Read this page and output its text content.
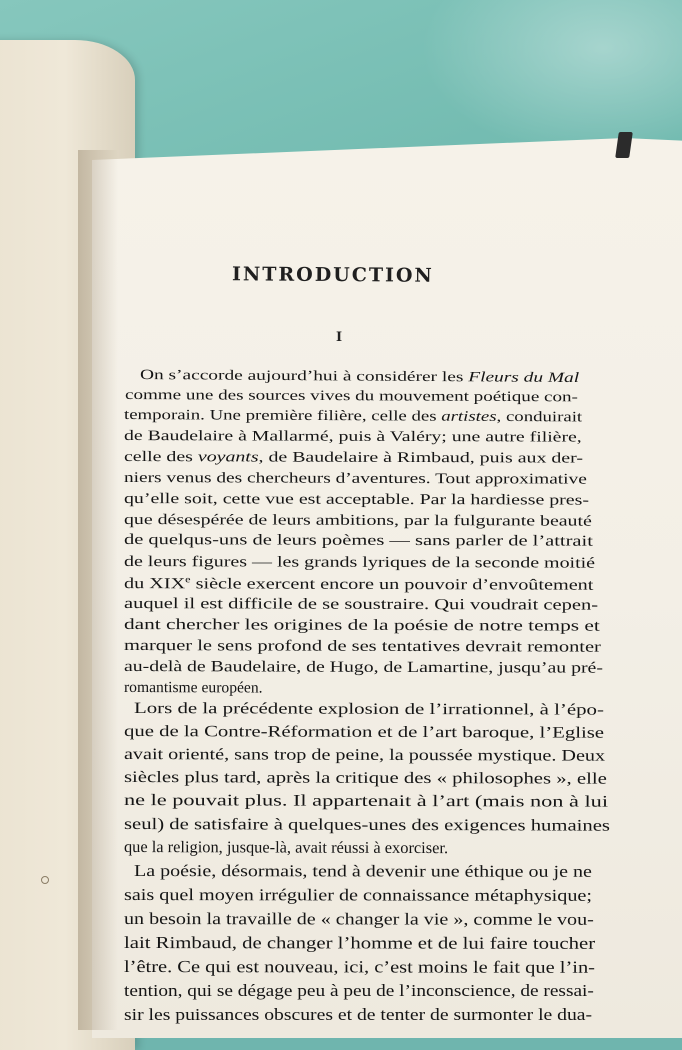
INTRODUCTION
I
On s’accorde aujourd’hui à considérer les Fleurs du Mal
comme une des sources vives du mouvement poétique con-
temporain. Une première filière, celle des artistes, conduirait
de Baudelaire à Mallarmé, puis à Valéry; une autre filière,
celle des voyants, de Baudelaire à Rimbaud, puis aux der-
niers venus des chercheurs d’aventures. Tout approximative
qu’elle soit, cette vue est acceptable. Par la hardiesse pres-
que désespérée de leurs ambitions, par la fulgurante beauté
de quelqus-uns de leurs poèmes — sans parler de l’attrait
de leurs figures — les grands lyriques de la seconde moitié
du XIXe siècle exercent encore un pouvoir d’envoûtement
auquel il est difficile de se soustraire. Qui voudrait cepen-
dant chercher les origines de la poésie de notre temps et
marquer le sens profond de ses tentatives devrait remonter
au-delà de Baudelaire, de Hugo, de Lamartine, jusqu’au pré-
romantisme européen.
Lors de la précédente explosion de l’irrationnel, à l’épo-
que de la Contre-Réformation et de l’art baroque, l’Eglise
avait orienté, sans trop de peine, la poussée mystique. Deux
siècles plus tard, après la critique des « philosophes », elle
ne le pouvait plus. Il appartenait à l’art (mais non à lui
seul) de satisfaire à quelques-unes des exigences humaines
que la religion, jusque-là, avait réussi à exorciser.
La poésie, désormais, tend à devenir une éthique ou je ne
sais quel moyen irrégulier de connaissance métaphysique;
un besoin la travaille de « changer la vie », comme le vou-
lait Rimbaud, de changer l’homme et de lui faire toucher
l’être. Ce qui est nouveau, ici, c’est moins le fait que l’in-
tention, qui se dégage peu à peu de l’inconscience, de ressai-
sir les puissances obscures et de tenter de surmonter le dua-
